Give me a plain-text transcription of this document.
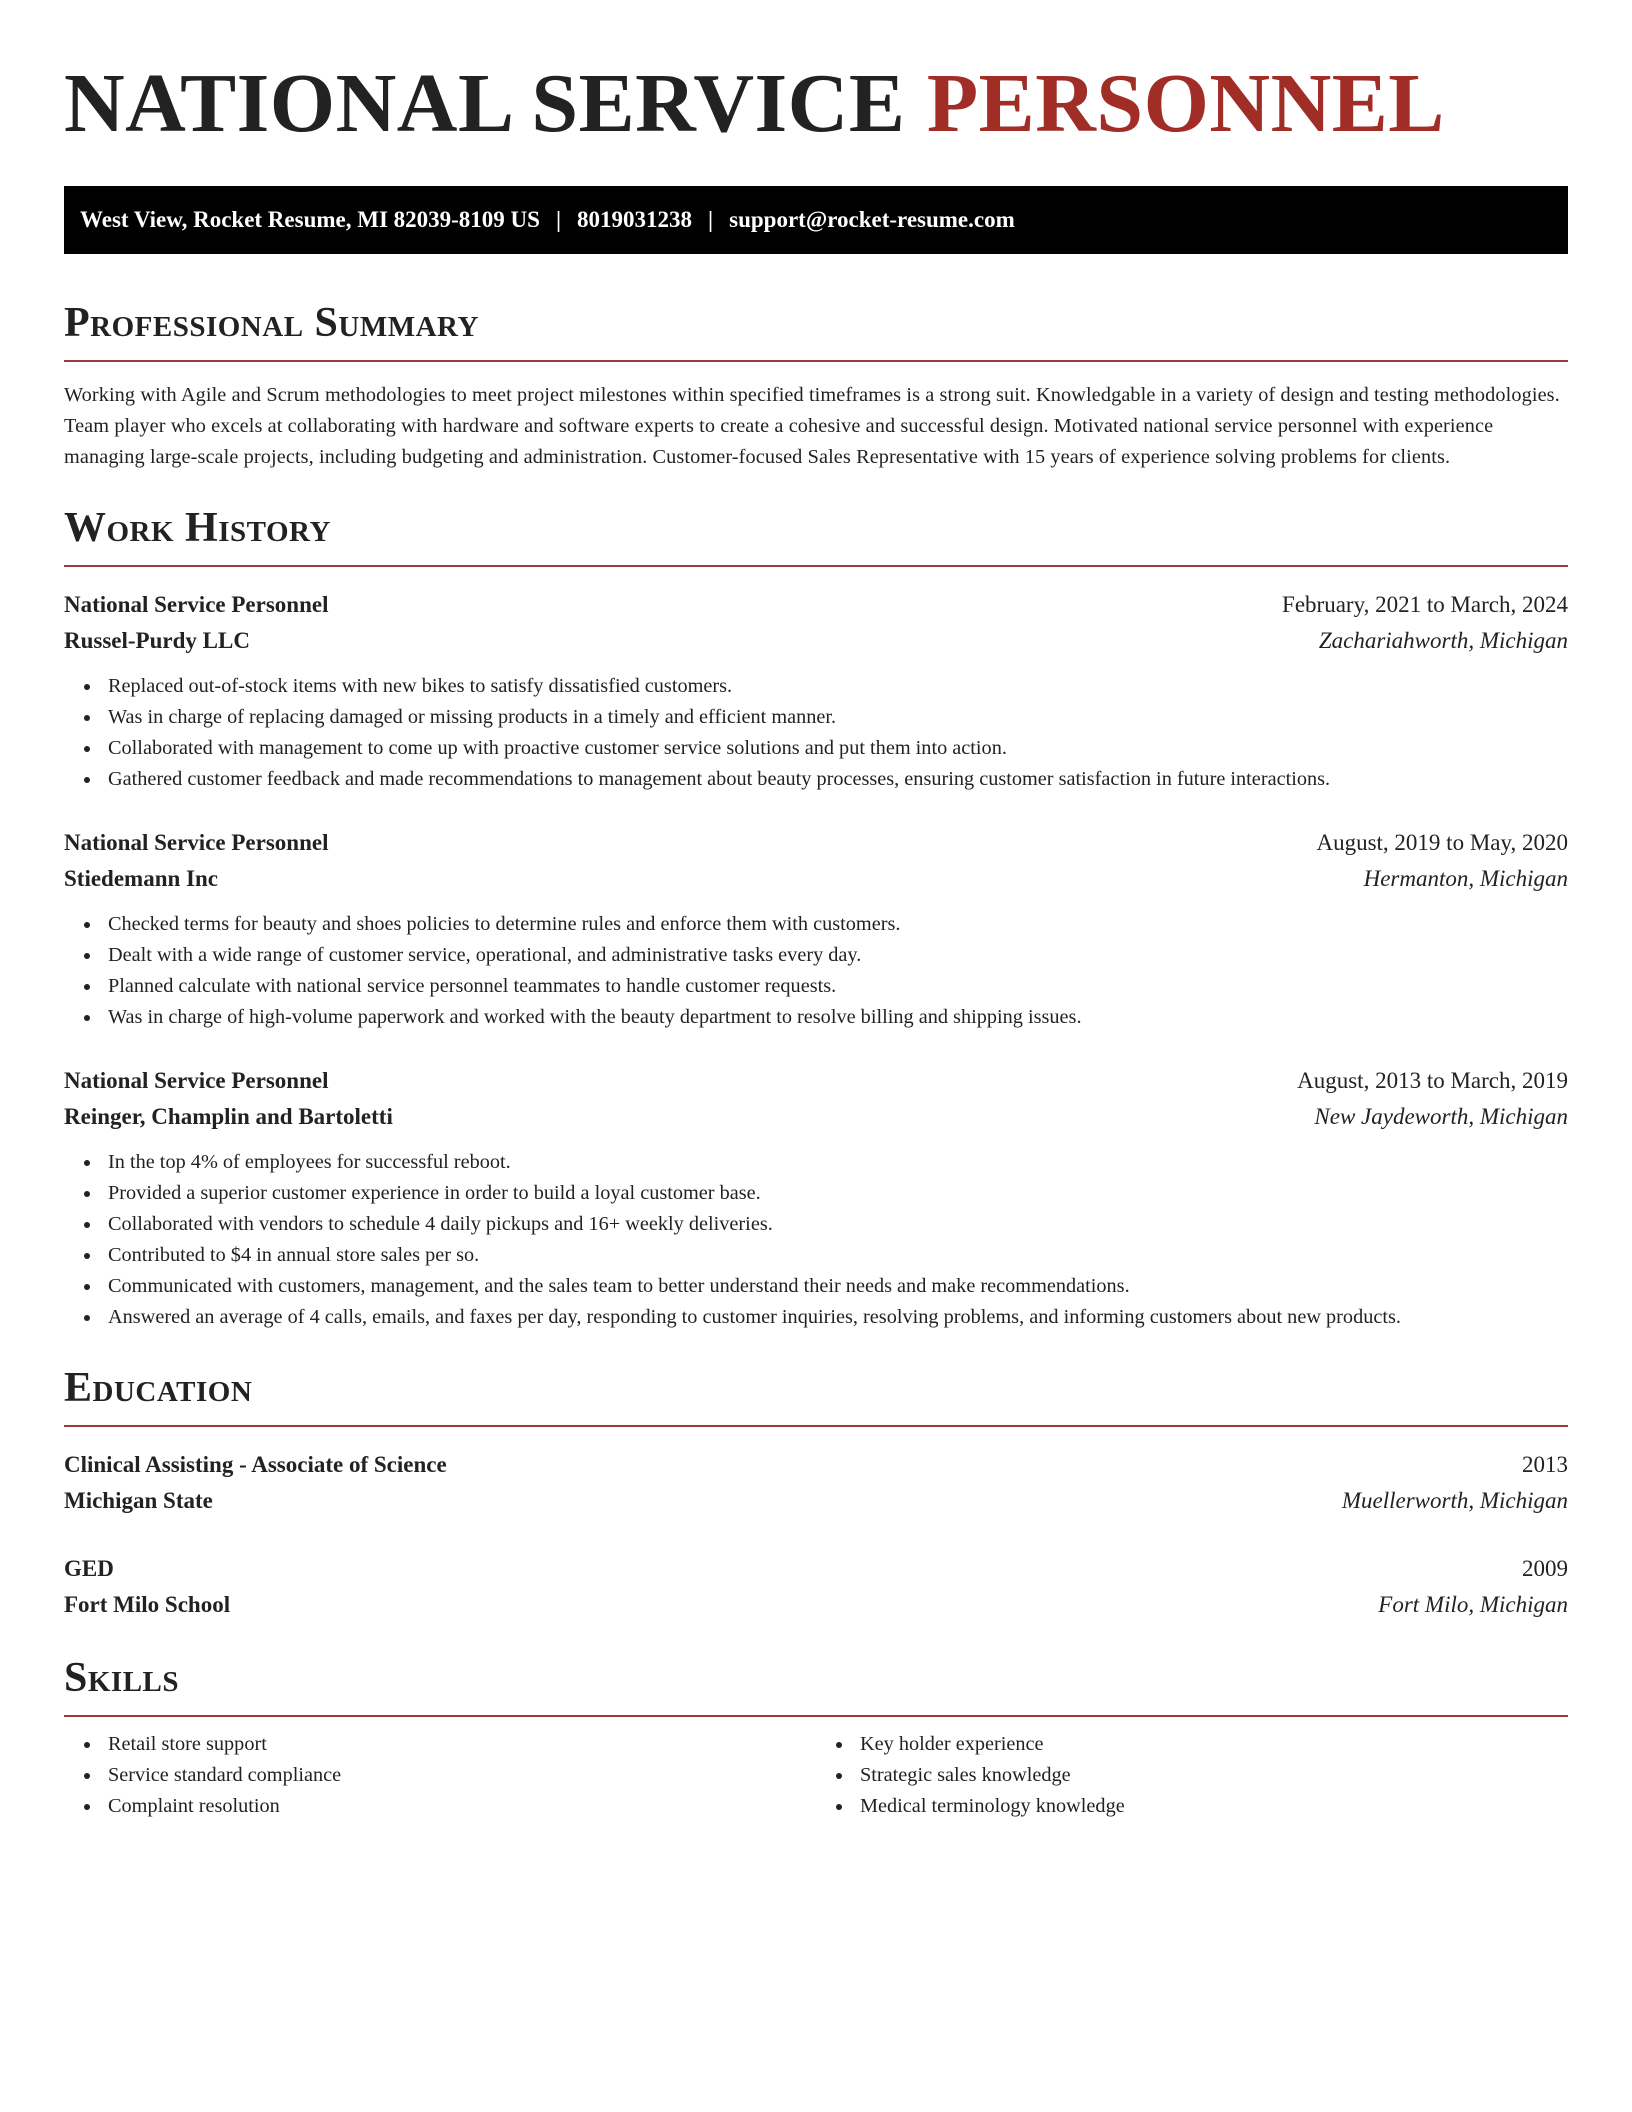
NATIONAL SERVICE PERSONNEL
West View, Rocket Resume, MI 82039-8109 US | 8019031238 | support@rocket-resume.com
Professional Summary

Working with Agile and Scrum methodologies to meet project milestones within specified timeframes is a strong suit. Knowledgable in a variety of design and testing methodologies. Team player who excels at collaborating with hardware and software experts to create a cohesive and successful design. Motivated national service personnel with experience managing large-scale projects, including budgeting and administration. Customer-focused Sales Representative with 15 years of experience solving problems for clients.

Work History
National Service Personnel	February, 2021 to March, 2024
Russel-Purdy LLC	Zachariahworth, Michigan
Replaced out-of-stock items with new bikes to satisfy dissatisfied customers.
Was in charge of replacing damaged or missing products in a timely and efficient manner.
Collaborated with management to come up with proactive customer service solutions and put them into action.
Gathered customer feedback and made recommendations to management about beauty processes, ensuring customer satisfaction in future interactions.
National Service Personnel	August, 2019 to May, 2020
Stiedemann Inc	Hermanton, Michigan
Checked terms for beauty and shoes policies to determine rules and enforce them with customers.
Dealt with a wide range of customer service, operational, and administrative tasks every day.
Planned calculate with national service personnel teammates to handle customer requests.
Was in charge of high-volume paperwork and worked with the beauty department to resolve billing and shipping issues.
National Service Personnel	August, 2013 to March, 2019
Reinger, Champlin and Bartoletti	New Jaydeworth, Michigan
In the top 4% of employees for successful reboot.
Provided a superior customer experience in order to build a loyal customer base.
Collaborated with vendors to schedule 4 daily pickups and 16+ weekly deliveries.
Contributed to $4 in annual store sales per so.
Communicated with customers, management, and the sales team to better understand their needs and make recommendations.
Answered an average of 4 calls, emails, and faxes per day, responding to customer inquiries, resolving problems, and informing customers about new products.
Education
Clinical Assisting - Associate of Science	2013
Michigan State	Muellerworth, Michigan
GED	2009
Fort Milo School	Fort Milo, Michigan
Skills
Retail store support
Service standard compliance
Complaint resolution
Key holder experience
Strategic sales knowledge
Medical terminology knowledge
